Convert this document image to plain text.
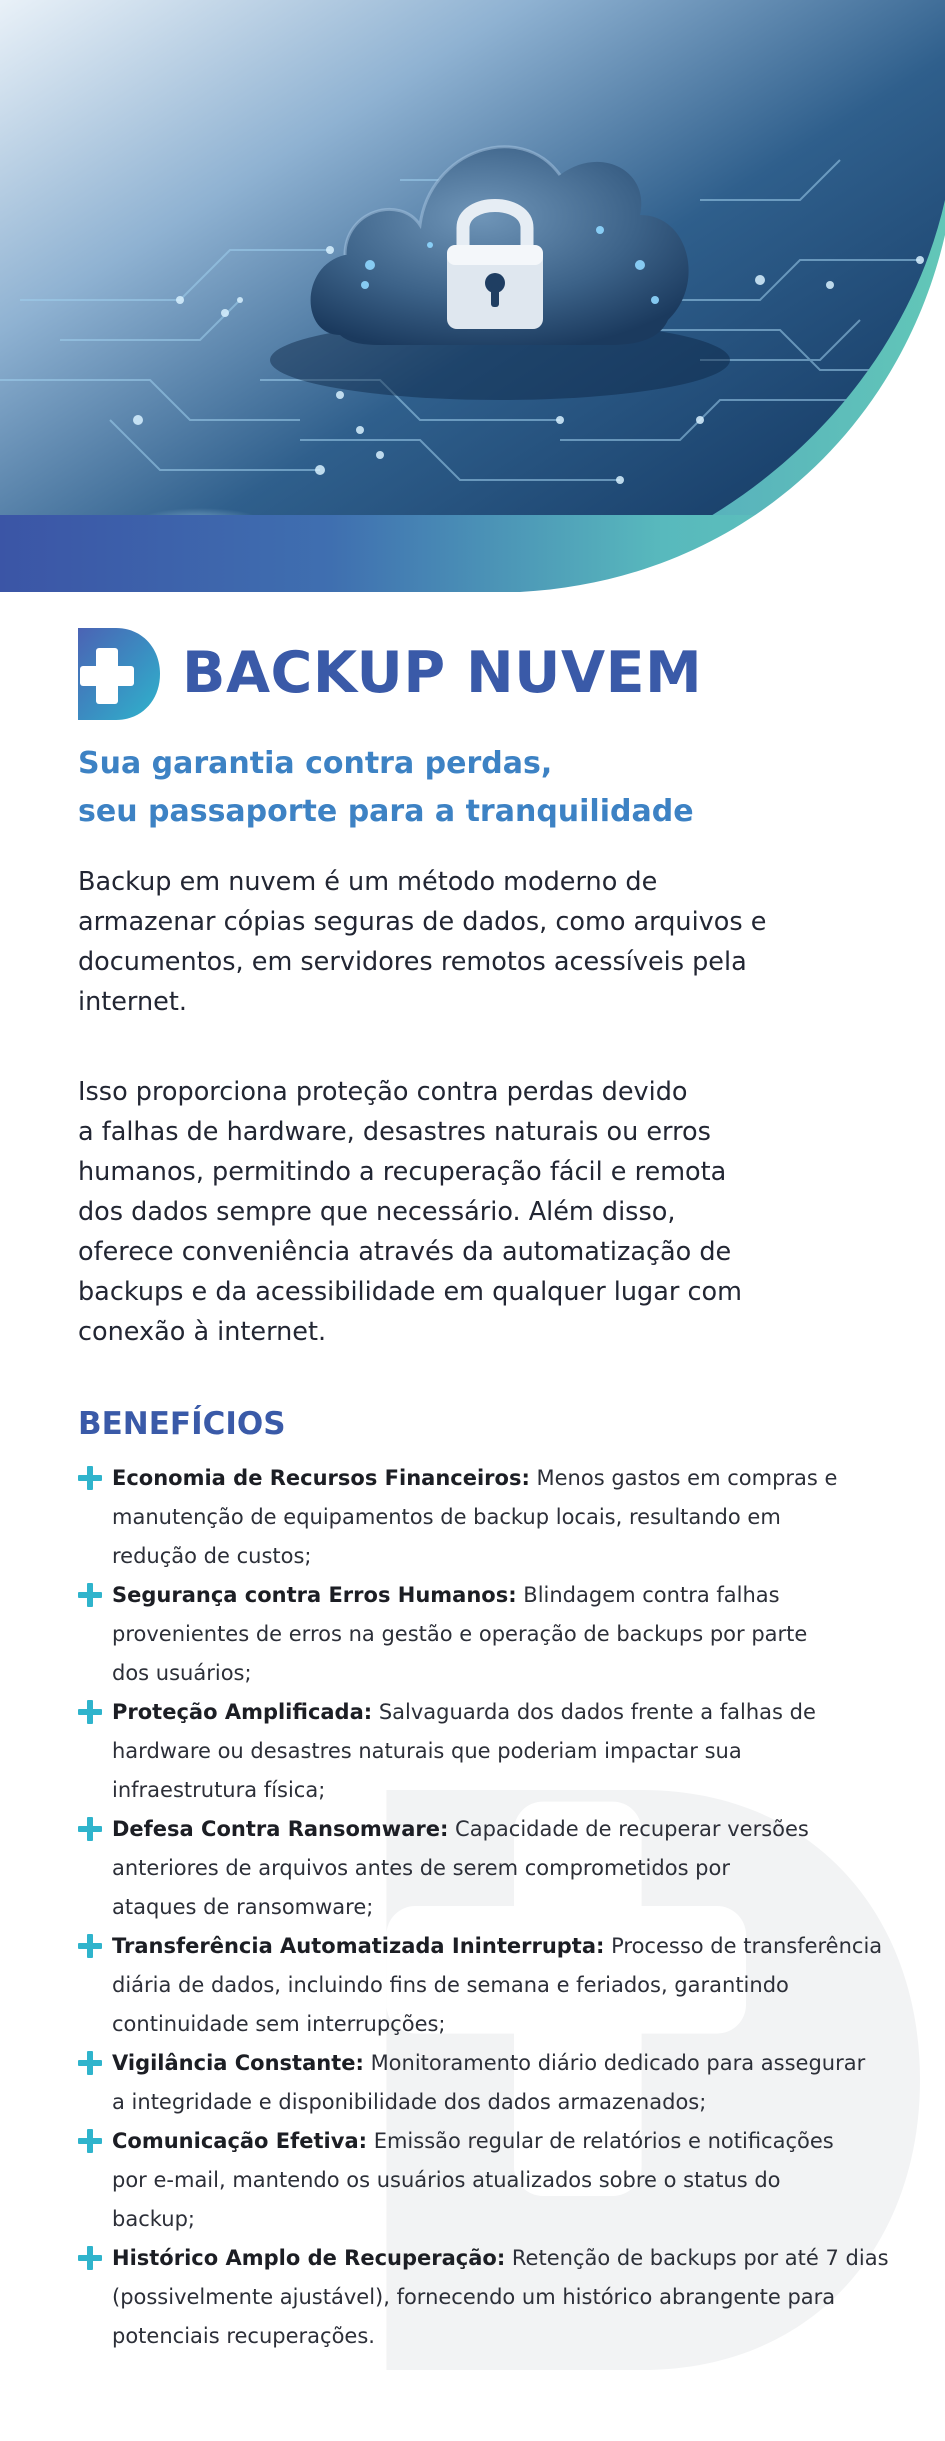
BACKUP NUVEM
Sua garantia contra perdas,
seu passaporte para a tranquilidade

Backup em nuvem é um método moderno de
armazenar cópias seguras de dados, como arquivos e
documentos, em servidores remotos acessíveis pela
internet.

Isso proporciona proteção contra perdas devido
a falhas de hardware, desastres naturais ou erros
humanos, permitindo a recuperação fácil e remota
dos dados sempre que necessário. Além disso,
oferece conveniência através da automatização de
backups e da acessibilidade em qualquer lugar com
conexão à internet.

BENEFÍCIOS

Economia de Recursos Financeiros: Menos gastos em compras e
manutenção de equipamentos de backup locais, resultando em
redução de custos;

Segurança contra Erros Humanos: Blindagem contra falhas
provenientes de erros na gestão e operação de backups por parte
dos usuários;

Proteção Amplificada: Salvaguarda dos dados frente a falhas de
hardware ou desastres naturais que poderiam impactar sua
infraestrutura física;

Defesa Contra Ransomware: Capacidade de recuperar versões
anteriores de arquivos antes de serem comprometidos por
ataques de ransomware;

Transferência Automatizada Ininterrupta: Processo de transferência
diária de dados, incluindo fins de semana e feriados, garantindo
continuidade sem interrupções;

Vigilância Constante: Monitoramento diário dedicado para assegurar
a integridade e disponibilidade dos dados armazenados;

Comunicação Efetiva: Emissão regular de relatórios e notificações
por e-mail, mantendo os usuários atualizados sobre o status do
backup;

Histórico Amplo de Recuperação: Retenção de backups por até 7 dias
(possivelmente ajustável), fornecendo um histórico abrangente para
potenciais recuperações.
